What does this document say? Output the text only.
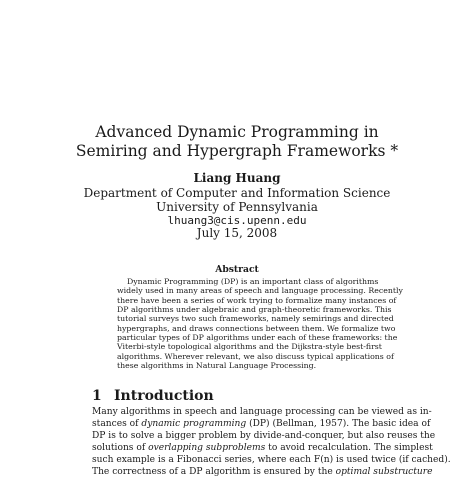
Advanced Dynamic Programming in
Semiring and Hypergraph Frameworks *
Liang Huang
Department of Computer and Information Science
University of Pennsylvania
lhuang3@cis.upenn.edu
July 15, 2008
Abstract
Dynamic Programming (DP) is an important class of algorithms
widely used in many areas of speech and language processing. Recently
there have been a series of work trying to formalize many instances of
DP algorithms under algebraic and graph-theoretic frameworks. This
tutorial surveys two such frameworks, namely semirings and directed
hypergraphs, and draws connections between them. We formalize two
particular types of DP algorithms under each of these frameworks: the
Viterbi-style topological algorithms and the Dijkstra-style best-first
algorithms. Wherever relevant, we also discuss typical applications of
these algorithms in Natural Language Processing.
1 Introduction
Many algorithms in speech and language processing can be viewed as in-
stances of dynamic programming (DP) (Bellman, 1957). The basic idea of
DP is to solve a bigger problem by divide-and-conquer, but also reuses the
solutions of overlapping subproblems to avoid recalculation. The simplest
such example is a Fibonacci series, where each F(n) is used twice (if cached).
The correctness of a DP algorithm is ensured by the optimal substructure
